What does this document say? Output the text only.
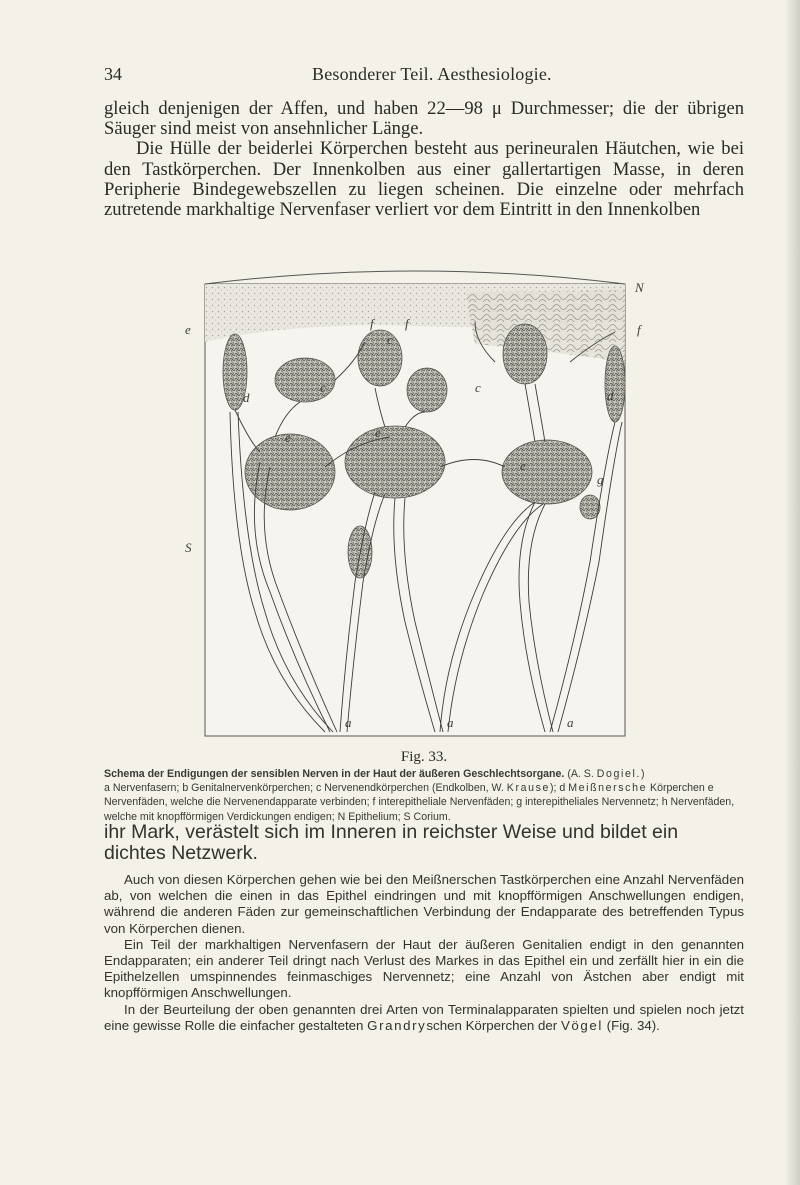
34	Besonderer Teil. Aesthesiologie.

gleich denjenigen der Affen, und haben 22—98 μ Durchmesser; die der übrigen Säuger sind meist von ansehnlicher Länge.

Die Hülle der beiderlei Körperchen besteht aus perineuralen Häutchen, wie bei den Tastkörperchen. Der Innenkolben aus einer gallertartigen Masse, in deren Peripherie Bindegewebszellen zu liegen scheinen. Die einzelne oder mehrfach zutretende markhaltige Nervenfaser verliert vor dem Eintritt in den Innenkolben

N
e	f
S
c
c
c
d	d
e	e
e
f f
g
a	a	a
Fig. 33.
Schema der Endigungen der sensiblen Nerven in der Haut der äußeren Geschlechtsorgane. (A. S. Dogiel.)
a Nervenfasern; b Genitalnervenkörperchen; c Nervenendkörperchen (Endkolben, W. Krause); d Meißnersche Körperchen e Nervenfäden, welche die Nervenendapparate verbinden; f interepitheliale Nervenfäden; g interepitheliales Nervennetz; h Nervenfäden, welche mit knopfförmigen Verdickungen endigen; N Epithelium; S Corium.

ihr Mark, verästelt sich im Inneren in reichster Weise und bildet ein dichtes Netzwerk.

Auch von diesen Körperchen gehen wie bei den Meißnerschen Tastkörperchen eine Anzahl Nervenfäden ab, von welchen die einen in das Epithel eindringen und mit knopfförmigen Anschwellungen endigen, während die anderen Fäden zur gemeinschaftlichen Verbindung der Endapparate des betreffenden Typus von Körperchen dienen.

Ein Teil der markhaltigen Nervenfasern der Haut der äußeren Genitalien endigt in den genannten Endapparaten; ein anderer Teil dringt nach Verlust des Markes in das Epithel ein und zerfällt hier in ein die Epithelzellen umspinnendes feinmaschiges Nervennetz; eine Anzahl von Ästchen aber endigt mit knopfförmigen Anschwellungen.

In der Beurteilung der oben genannten drei Arten von Terminalapparaten spielten und spielen noch jetzt eine gewisse Rolle die einfacher gestalteten Grandryschen Körperchen der Vögel (Fig. 34).
